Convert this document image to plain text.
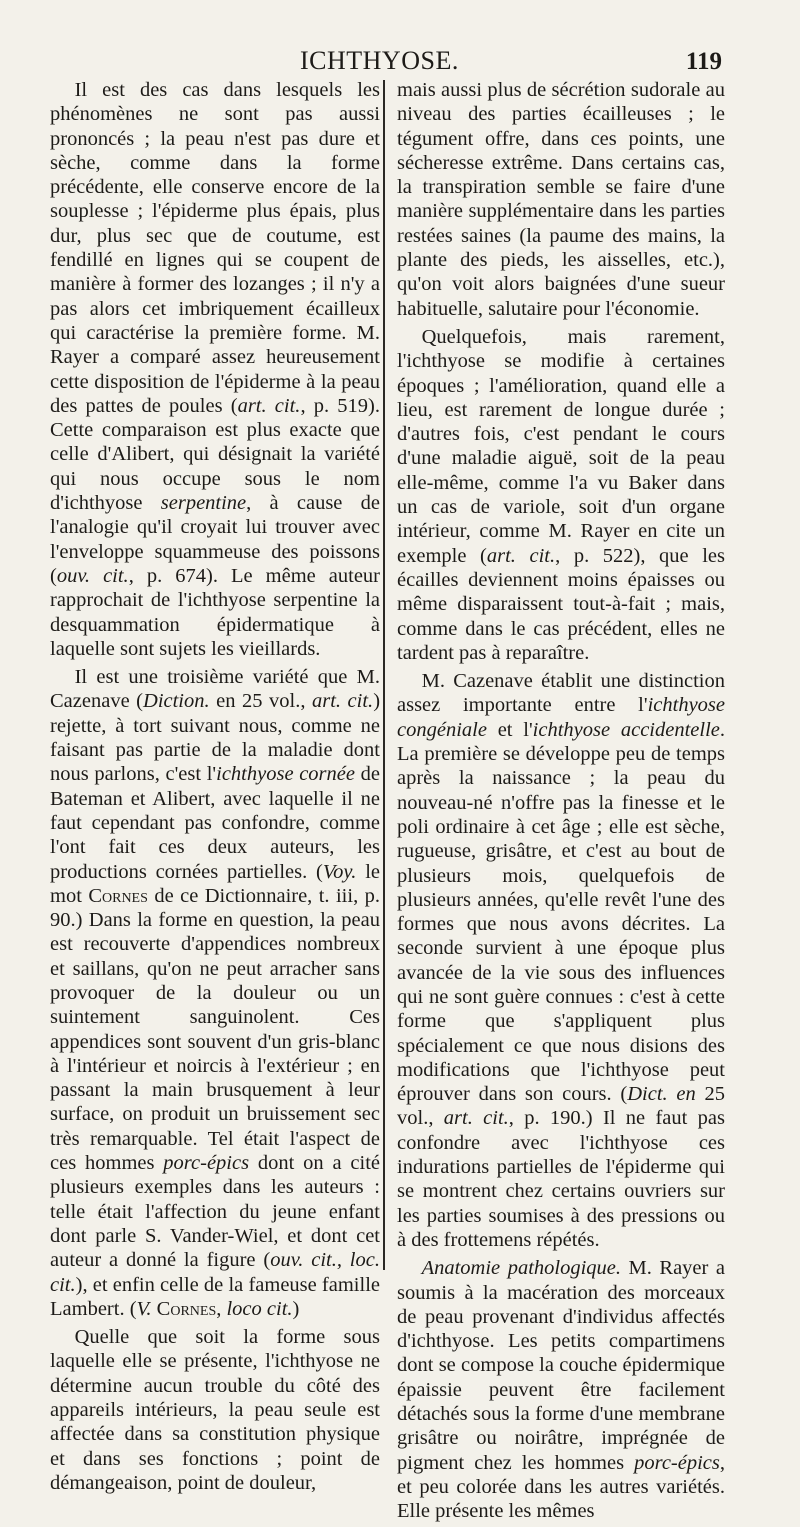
ICHTHYOSE.	119

Il est des cas dans lesquels les phénomènes ne sont pas aussi prononcés ; la peau n'est pas dure et sèche, comme dans la forme précédente, elle conserve encore de la souplesse ; l'épiderme plus épais, plus dur, plus sec que de coutume, est fendillé en lignes qui se coupent de manière à former des lozanges ; il n'y a pas alors cet imbriquement écailleux qui caractérise la première forme. M. Rayer a comparé assez heureusement cette disposition de l'épiderme à la peau des pattes de poules (art. cit., p. 519). Cette comparaison est plus exacte que celle d'Alibert, qui désignait la variété qui nous occupe sous le nom d'ichthyose serpentine, à cause de l'analogie qu'il croyait lui trouver avec l'enveloppe squammeuse des poissons (ouv. cit., p. 674). Le même auteur rapprochait de l'ichthyose serpentine la desquammation épidermatique à laquelle sont sujets les vieillards.

Il est une troisième variété que M. Cazenave (Diction. en 25 vol., art. cit.) rejette, à tort suivant nous, comme ne faisant pas partie de la maladie dont nous parlons, c'est l'ichthyose cornée de Bateman et Alibert, avec laquelle il ne faut cependant pas confondre, comme l'ont fait ces deux auteurs, les productions cornées partielles. (Voy. le mot Cornes de ce Dictionnaire, t. iii, p. 90.) Dans la forme en question, la peau est recouverte d'appendices nombreux et saillans, qu'on ne peut arracher sans provoquer de la douleur ou un suintement sanguinolent. Ces appendices sont souvent d'un gris-blanc à l'intérieur et noircis à l'extérieur ; en passant la main brusquement à leur surface, on produit un bruissement sec très remarquable. Tel était l'aspect de ces hommes porc-épics dont on a cité plusieurs exemples dans les auteurs : telle était l'affection du jeune enfant dont parle S. Vander-Wiel, et dont cet auteur a donné la figure (ouv. cit., loc. cit.), et enfin celle de la fameuse famille Lambert. (V. Cornes, loco cit.)

Quelle que soit la forme sous laquelle elle se présente, l'ichthyose ne détermine aucun trouble du côté des appareils intérieurs, la peau seule est affectée dans sa constitution physique et dans ses fonctions ; point de démangeaison, point de douleur,

mais aussi plus de sécrétion sudorale au niveau des parties écailleuses ; le tégument offre, dans ces points, une sécheresse extrême. Dans certains cas, la transpiration semble se faire d'une manière supplémentaire dans les parties restées saines (la paume des mains, la plante des pieds, les aisselles, etc.), qu'on voit alors baignées d'une sueur habituelle, salutaire pour l'économie.

Quelquefois, mais rarement, l'ichthyose se modifie à certaines époques ; l'amélioration, quand elle a lieu, est rarement de longue durée ; d'autres fois, c'est pendant le cours d'une maladie aiguë, soit de la peau elle-même, comme l'a vu Baker dans un cas de variole, soit d'un organe intérieur, comme M. Rayer en cite un exemple (art. cit., p. 522), que les écailles deviennent moins épaisses ou même disparaissent tout-à-fait ; mais, comme dans le cas précédent, elles ne tardent pas à reparaître.

M. Cazenave établit une distinction assez importante entre l'ichthyose congéniale et l'ichthyose accidentelle. La première se développe peu de temps après la naissance ; la peau du nouveau-né n'offre pas la finesse et le poli ordinaire à cet âge ; elle est sèche, rugueuse, grisâtre, et c'est au bout de plusieurs mois, quelquefois de plusieurs années, qu'elle revêt l'une des formes que nous avons décrites. La seconde survient à une époque plus avancée de la vie sous des influences qui ne sont guère connues : c'est à cette forme que s'appliquent plus spécialement ce que nous disions des modifications que l'ichthyose peut éprouver dans son cours. (Dict. en 25 vol., art. cit., p. 190.) Il ne faut pas confondre avec l'ichthyose ces indurations partielles de l'épiderme qui se montrent chez certains ouvriers sur les parties soumises à des pressions ou à des frottemens répétés.

Anatomie pathologique. M. Rayer a soumis à la macération des morceaux de peau provenant d'individus affectés d'ichthyose. Les petits compartimens dont se compose la couche épidermique épaissie peuvent être facilement détachés sous la forme d'une membrane grisâtre ou noirâtre, imprégnée de pigment chez les hommes porc-épics, et peu colorée dans les autres variétés. Elle présente les mêmes
